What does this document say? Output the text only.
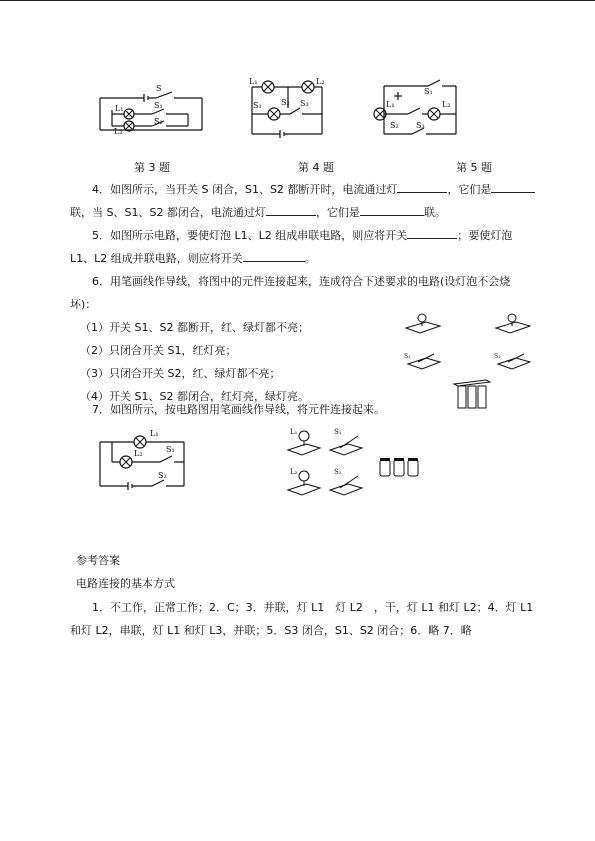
S
L₁
L₂
S₁
S₂
第 3 题
L₁	L₂
S₁ S₂ S₃
第 4 题
S₁
L₁	L₂
S₂ S₃
第 5 题
4．如图所示，当开关 S 闭合，S1、S2 都断开时，电流通过灯	，它们是
联，当 S、S1、S2 都闭合，电流通过灯	，它们是	联。
5．如图所示电路，要使灯泡 L1、L2 组成串联电路，则应将开关	；要使灯泡
L1、L2 组成并联电路，则应将开关	。
6．用笔画线作导线，将图中的元件连接起来，连成符合下述要求的电路(设灯泡不会烧
坏)：
（1）开关 S1、S2 都断开，红、绿灯都不亮；
（2）只闭合开关 S1，红灯亮；
（3）只闭合开关 S2，红、绿灯都不亮；
（4）开关 S1、S2 都闭合，红灯亮，绿灯亮。
S₁	S₂
7．如图所示，按电路图用笔画线作导线，将元件连接起来。
L₁
L₂	S₁
S₂
L₁	S₁
L₂	S₂
参考答案
电路连接的基本方式
1．不工作，正常工作；2．C；3．并联，灯 L1　灯 L2　，干，灯 L1 和灯 L2；4．灯 L1
和灯 L2，串联，灯 L1 和灯 L3，并联；5．S3 闭合，S1、S2 闭合；6．略 7．略
